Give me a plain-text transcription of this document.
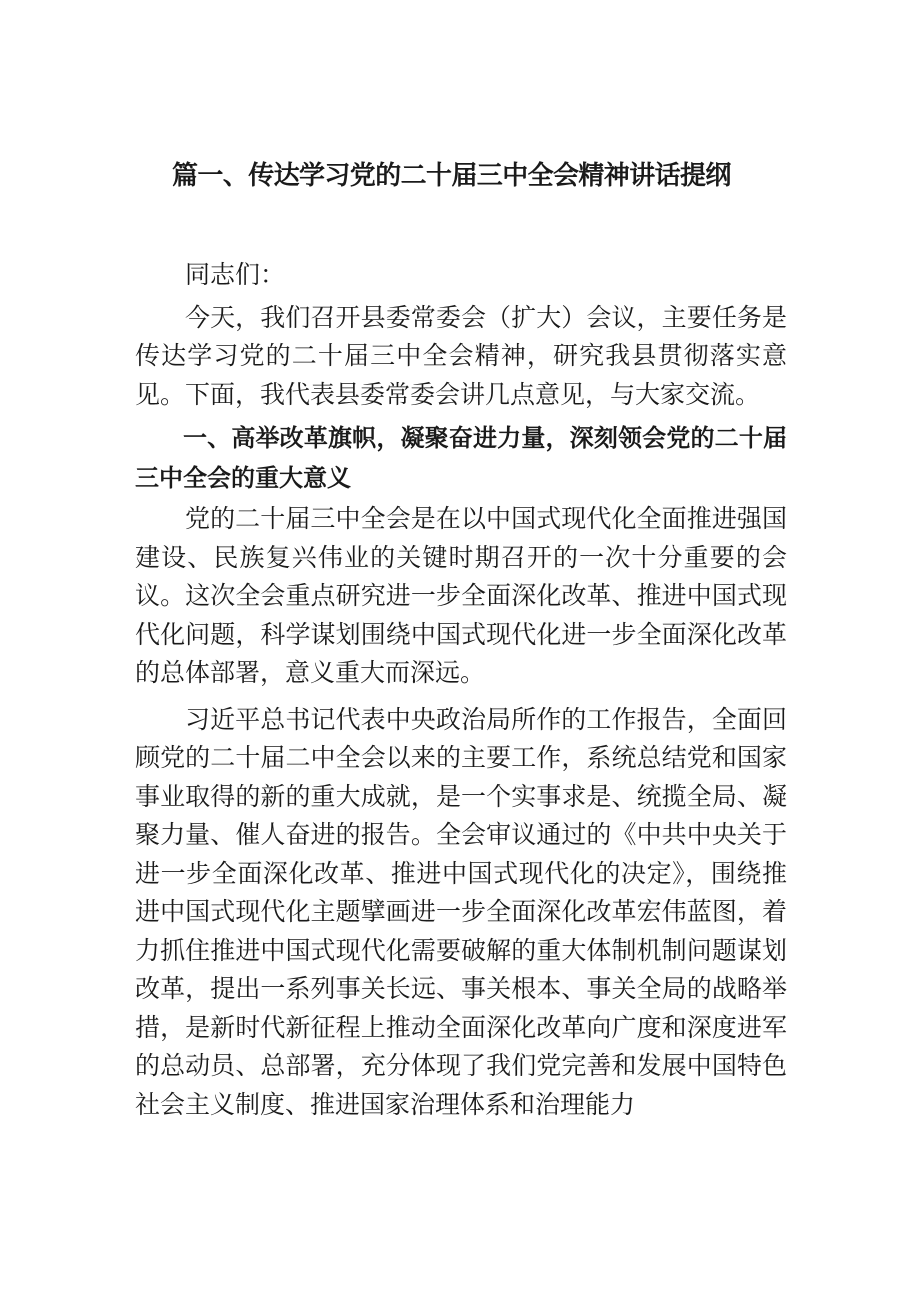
篇一、传达学习党的二十届三中全会精神讲话提纲

同志们：

今天，我们召开县委常委会（扩大）会议，主要任务是传达学习党的二十届三中全会精神，研究我县贯彻落实意见。下面，我代表县委常委会讲几点意见，与大家交流。

一、高举改革旗帜，凝聚奋进力量，深刻领会党的二十届三中全会的重大意义

党的二十届三中全会是在以中国式现代化全面推进强国建设、民族复兴伟业的关键时期召开的一次十分重要的会议。这次全会重点研究进一步全面深化改革、推进中国式现代化问题，科学谋划围绕中国式现代化进一步全面深化改革的总体部署，意义重大而深远。

习近平总书记代表中央政治局所作的工作报告，全面回顾党的二十届二中全会以来的主要工作，系统总结党和国家事业取得的新的重大成就，是一个实事求是、统揽全局、凝聚力量、催人奋进的报告。全会审议通过的《中共中央关于进一步全面深化改革、推进中国式现代化的决定》，围绕推进中国式现代化主题擘画进一步全面深化改革宏伟蓝图，着力抓住推进中国式现代化需要破解的重大体制机制问题谋划改革，提出一系列事关长远、事关根本、事关全局的战略举措，是新时代新征程上推动全面深化改革向广度和深度进军的总动员、总部署，充分体现了我们党完善和发展中国特色社会主义制度、推进国家治理体系和治理能力
